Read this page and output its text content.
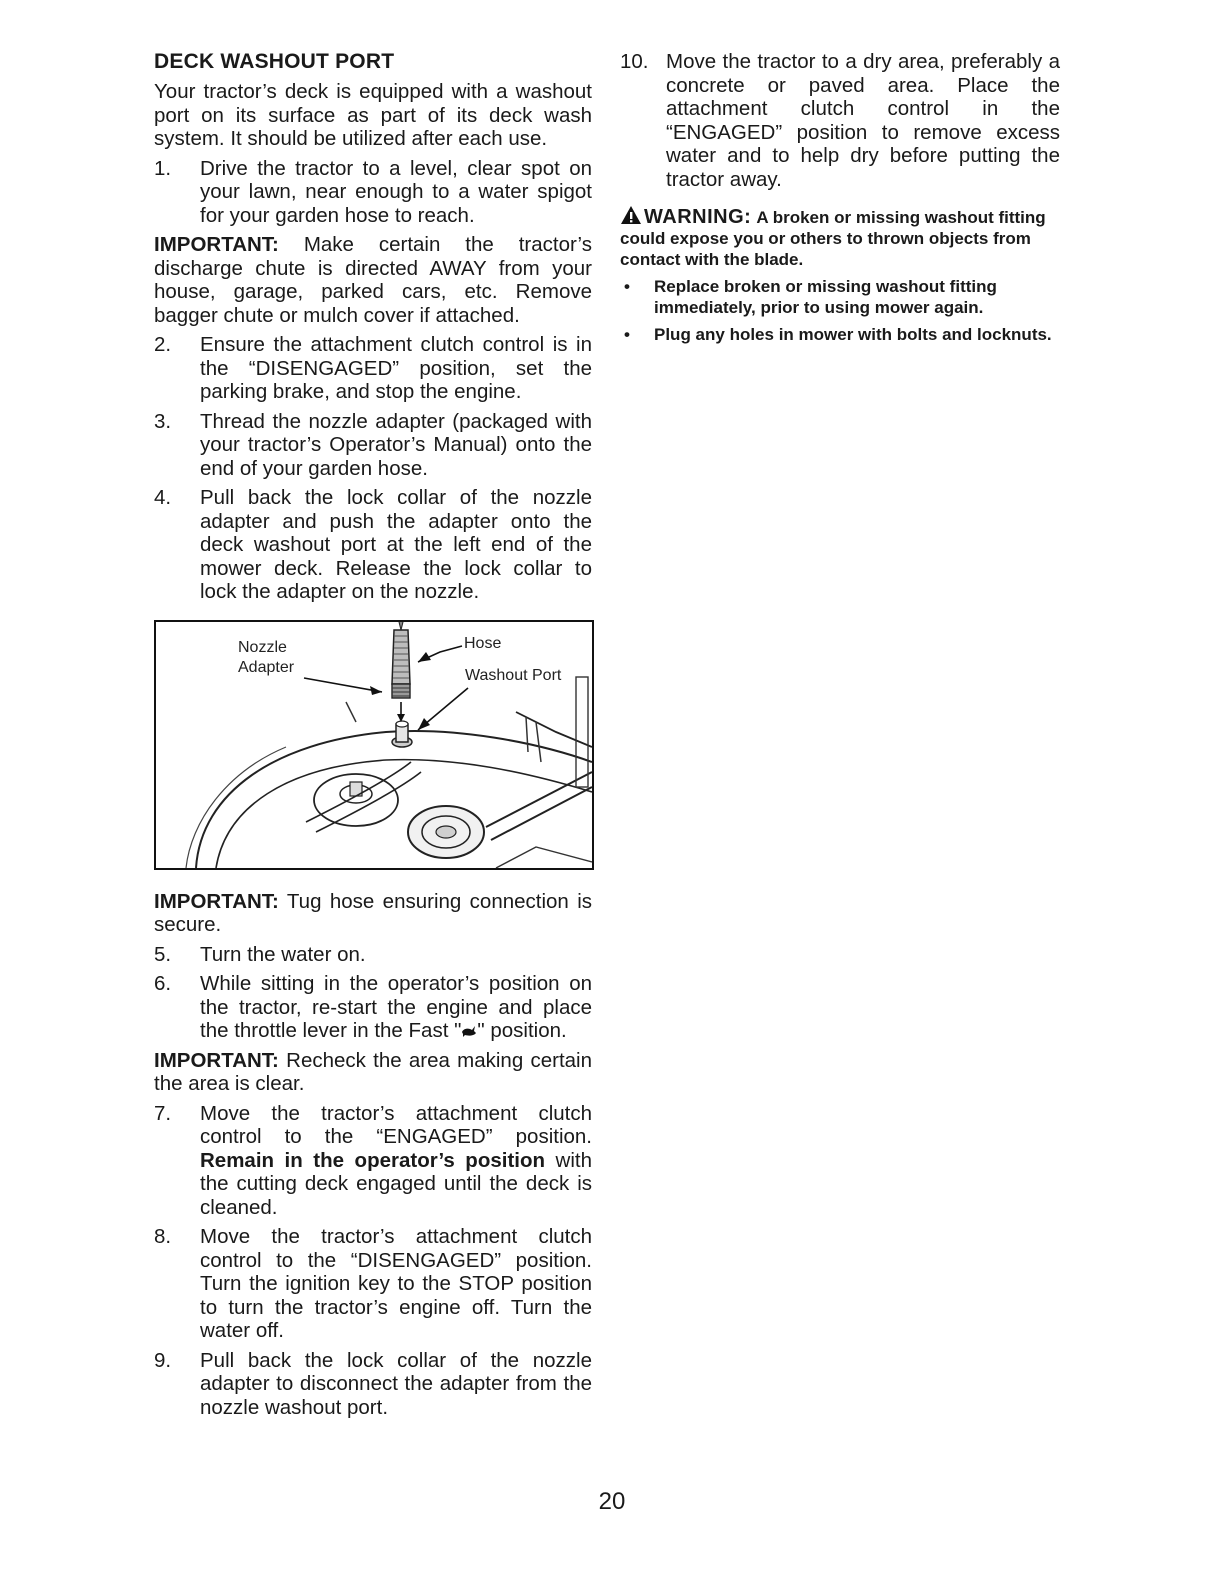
DECK WASHOUT PORT
Your tractor’s deck is equipped with a washout port on its surface as part of its deck wash system. It should be utilized after each use.
1.	Drive the tractor to a level, clear spot on your lawn, near enough to a water spigot for your garden hose to reach.
IMPORTANT: Make certain the tractor’s discharge chute is directed AWAY from your house, garage, parked cars, etc. Remove bagger chute or mulch cover if attached.
2.	Ensure the attachment clutch control is in the “DISENGAGED” position, set the parking brake, and stop the engine.
3.	Thread the nozzle adapter (packaged with your tractor’s Operator’s Manual) onto the end of your garden hose.
4.	Pull back the lock collar of the nozzle adapter and push the adapter onto the deck washout port at the left end of the mower deck. Release the lock collar to lock the adapter on the nozzle.
Nozzle
Adapter
Hose
Washout Port
IMPORTANT: Tug hose ensuring connection is secure.
5.	Turn the water on.
6.	While sitting in the operator’s position on the tractor, re-start the engine and place the throttle lever in the Fast " " position.
IMPORTANT: Recheck the area making certain the area is clear.
7.	Move the tractor’s attachment clutch control to the “ENGAGED” position. Remain in the operator’s position with the cutting deck engaged until the deck is cleaned.
8.	Move the tractor’s attachment clutch control to the “DISENGAGED” position. Turn the ignition key to the STOP position to turn the tractor’s engine off. Turn the water off.
9.	Pull back the lock collar of the nozzle adapter to disconnect the adapter from the nozzle washout port.
10. Move the tractor to a dry area, preferably a concrete or paved area. Place the attachment clutch control in the “ENGAGED” position to remove excess water and to help dry before putting the tractor away.
WARNING: A broken or missing washout fitting could expose you or others to thrown objects from contact with the blade.
•	Replace broken or missing washout fitting immediately, prior to using mower again.
•	Plug any holes in mower with bolts and locknuts.
20
